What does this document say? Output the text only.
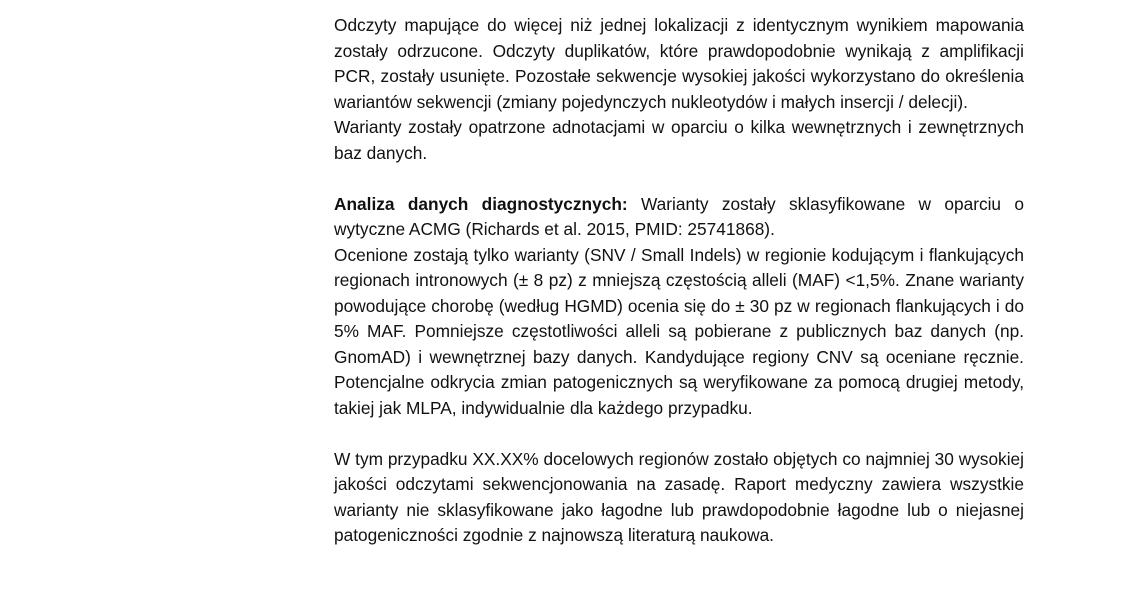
Odczyty mapujące do więcej niż jednej lokalizacji z identycznym wynikiem mapowania zostały odrzucone. Odczyty duplikatów, które prawdopodobnie wynikają z amplifikacji PCR, zostały usunięte. Pozostałe sekwencje wysokiej jakości wykorzystano do określenia wariantów sekwencji (zmiany pojedynczych nukleotydów i małych insercji / delecji).

Warianty zostały opatrzone adnotacjami w oparciu o kilka wewnętrznych i zewnętrznych baz danych.

Analiza danych diagnostycznych: Warianty zostały sklasyfikowane w oparciu o wytyczne ACMG (Richards et al. 2015, PMID: 25741868).

Ocenione zostają tylko warianty (SNV / Small Indels) w regionie kodującym i flankujących regionach intronowych (± 8 pz) z mniejszą częstością alleli (MAF) <1,5%. Znane warianty powodujące chorobę (według HGMD) ocenia się do ± 30 pz w regionach flankujących i do 5% MAF. Pomniejsze częstotliwości alleli są pobierane z publicznych baz danych (np. GnomAD) i wewnętrznej bazy danych. Kandydujące regiony CNV są oceniane ręcznie. Potencjalne odkrycia zmian patogenicznych są weryfikowane za pomocą drugiej metody, takiej jak MLPA, indywidualnie dla każdego przypadku.

W tym przypadku XX.XX% docelowych regionów zostało objętych co najmniej 30 wysokiej jakości odczytami sekwencjonowania na zasadę. Raport medyczny zawiera wszystkie warianty nie sklasyfikowane jako łagodne lub prawdopodobnie łagodne lub o niejasnej patogeniczności zgodnie z najnowszą literaturą naukowa.
